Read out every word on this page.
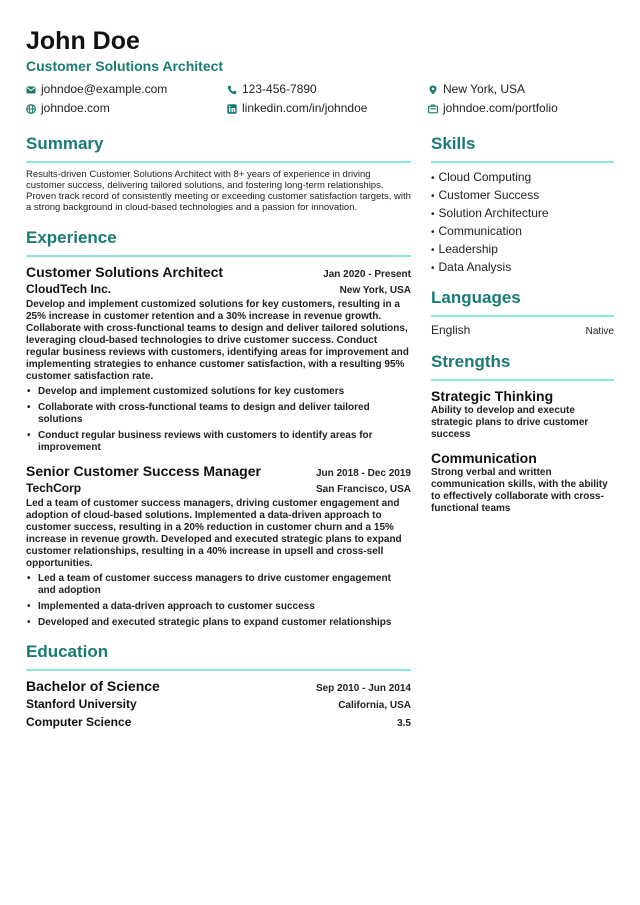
John Doe
Customer Solutions Architect
johndoe@example.com	123-456-7890	New York, USA
johndoe.com	linkedin.com/in/johndoe	johndoe.com/portfolio
Summary

Results-driven Customer Solutions Architect with 8+ years of experience in driving customer success, delivering tailored solutions, and fostering long-term relationships. Proven track record of consistently meeting or exceeding customer satisfaction targets, with a strong background in cloud-based technologies and a passion for innovation.

Experience
Customer Solutions Architect	Jan 2020 - Present
CloudTech Inc.	New York, USA

Develop and implement customized solutions for key customers, resulting in a 25% increase in customer retention and a 30% increase in revenue growth. Collaborate with cross-functional teams to design and deliver tailored solutions, leveraging cloud-based technologies to drive customer success. Conduct regular business reviews with customers, identifying areas for improvement and implementing strategies to enhance customer satisfaction, with a resulting 95% customer satisfaction rate.

• Develop and implement customized solutions for key customers
• Collaborate with cross-functional teams to design and deliver tailored solutions
• Conduct regular business reviews with customers to identify areas for improvement
Senior Customer Success Manager	Jun 2018 - Dec 2019
TechCorp	San Francisco, USA

Led a team of customer success managers, driving customer engagement and adoption of cloud-based solutions. Implemented a data-driven approach to customer success, resulting in a 20% reduction in customer churn and a 15% increase in revenue growth. Developed and executed strategic plans to expand customer relationships, resulting in a 40% increase in upsell and cross-sell opportunities.

• Led a team of customer success managers to drive customer engagement and adoption
• Implemented a data-driven approach to customer success
• Developed and executed strategic plans to expand customer relationships
Education
Bachelor of Science	Sep 2010 - Jun 2014
Stanford University	California, USA
Computer Science	3.5
Skills
• Cloud Computing
• Customer Success
• Solution Architecture
• Communication
• Leadership
• Data Analysis
Languages
English	Native
Strengths
Strategic Thinking
Ability to develop and execute strategic plans to drive customer success
Communication
Strong verbal and written communication skills, with the ability to effectively collaborate with cross-functional teams
